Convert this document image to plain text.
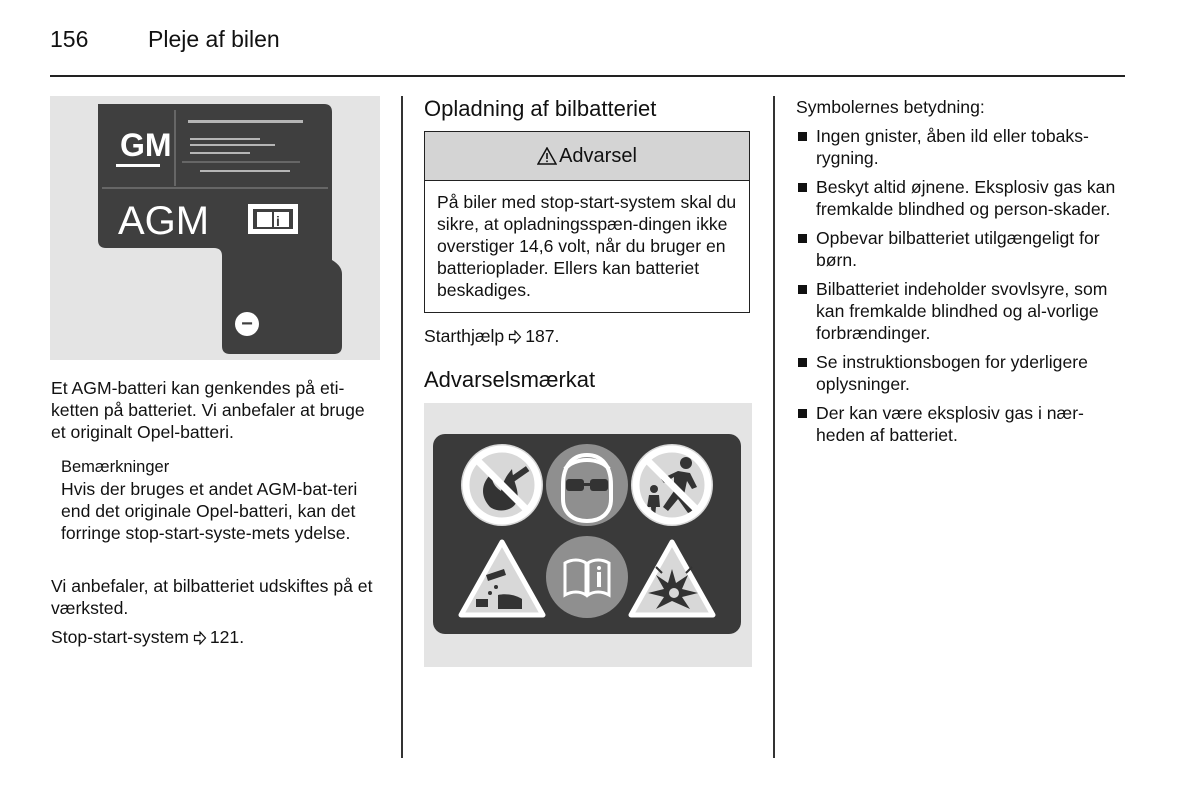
156	Pleje af bilen
GM
AGM	i
−
Et AGM-batteri kan genkendes på eti-ketten på batteriet. Vi anbefaler at bruge et originalt Opel-batteri.

Bemærkninger

Hvis der bruges et andet AGM-bat-teri end det originale Opel-batteri, kan det forringe stop-start-syste-mets ydelse.

Vi anbefaler, at bilbatteriet udskiftes på et værksted.
Stop-start-system 121.
Opladning af bilbatteriet
Advarsel
På biler med stop-start-system skal du sikre, at opladningsspæn-dingen ikke overstiger 14,6 volt, når du bruger en batterioplader. Ellers kan batteriet beskadiges.
Starthjælp 187.
Advarselsmærkat
Symbolernes betydning:
Ingen gnister, åben ild eller tobaks-rygning.
Beskyt altid øjnene. Eksplosiv gas kan fremkalde blindhed og person-skader.
Opbevar bilbatteriet utilgængeligt for børn.
Bilbatteriet indeholder svovlsyre, som kan fremkalde blindhed og al-vorlige forbrændinger.
Se instruktionsbogen for yderligere oplysninger.
Der kan være eksplosiv gas i nær-heden af batteriet.
